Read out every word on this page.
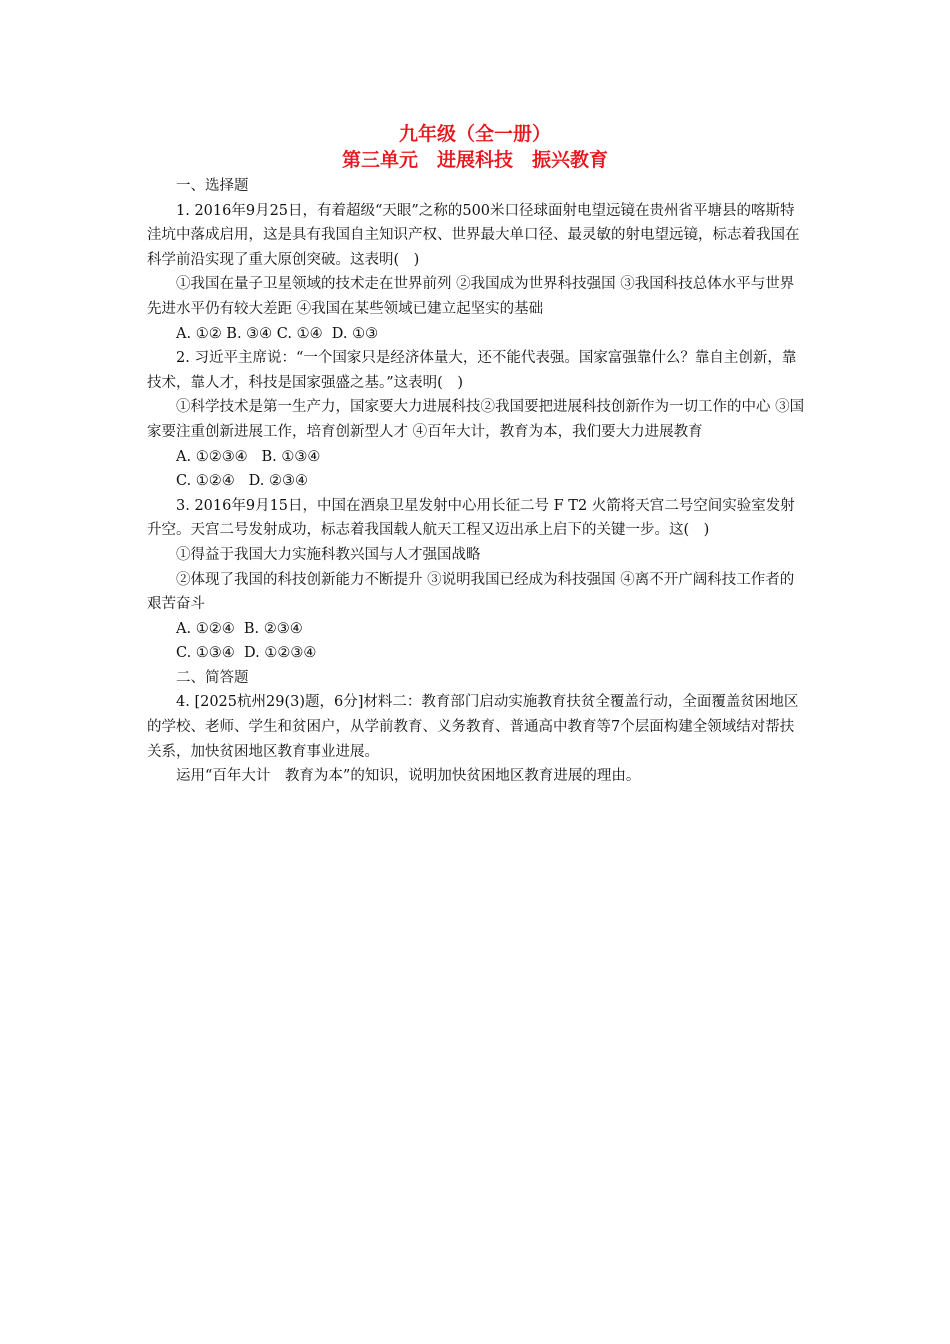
九年级（全一册）
第三单元　进展科技　振兴教育

一、选择题

1. 2016年9月25日，有着超级“天眼”之称的500米口径球面射电望远镜在贵州省平塘县的喀斯特洼坑中落成启用，这是具有我国自主知识产权、世界最大单口径、最灵敏的射电望远镜，标志着我国在科学前沿实现了重大原创突破。这表明(　)

①我国在量子卫星领域的技术走在世界前列 ②我国成为世界科技强国 ③我国科技总体水平与世界先进水平仍有较大差距 ④我国在某些领域已建立起坚实的基础

A. ①② B. ③④ C. ①④  D. ①③

2. 习近平主席说：“一个国家只是经济体量大，还不能代表强。国家富强靠什么？靠自主创新，靠技术，靠人才，科技是国家强盛之基。”这表明(　)

①科学技术是第一生产力，国家要大力进展科技②我国要把进展科技创新作为一切工作的中心 ③国家要注重创新进展工作，培育创新型人才 ④百年大计，教育为本，我们要大力进展教育

A. ①②③④   B. ①③④

C. ①②④   D. ②③④

3. 2016年9月15日，中国在酒泉卫星发射中心用长征二号 F T2 火箭将天宫二号空间实验室发射升空。天宫二号发射成功，标志着我国载人航天工程又迈出承上启下的关键一步。这(　)

①得益于我国大力实施科教兴国与人才强国战略

②体现了我国的科技创新能力不断提升 ③说明我国已经成为科技强国 ④离不开广阔科技工作者的艰苦奋斗

A. ①②④  B. ②③④

C. ①③④  D. ①②③④

二、简答题

4. [2025杭州29(3)题，6分]材料二：教育部门启动实施教育扶贫全覆盖行动，全面覆盖贫困地区的学校、老师、学生和贫困户，从学前教育、义务教育、普通高中教育等7个层面构建全领域结对帮扶关系，加快贫困地区教育事业进展。

运用“百年大计　教育为本”的知识，说明加快贫困地区教育进展的理由。
